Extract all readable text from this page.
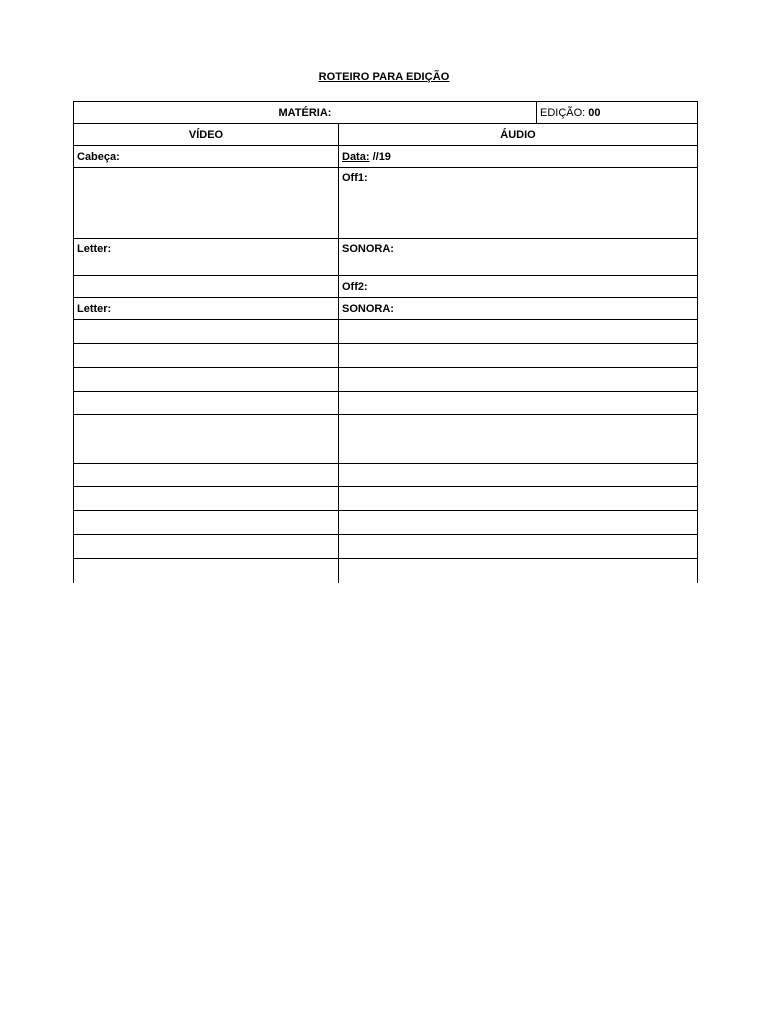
ROTEIRO PARA EDIÇÃO
MATÉRIA:		EDIÇÃO: 00
VÍDEO	ÁUDIO	
Cabeça:	Data: //19	
	Off1:	
Letter:	SONORA:	
	Off2:	
Letter:	SONORA:	
